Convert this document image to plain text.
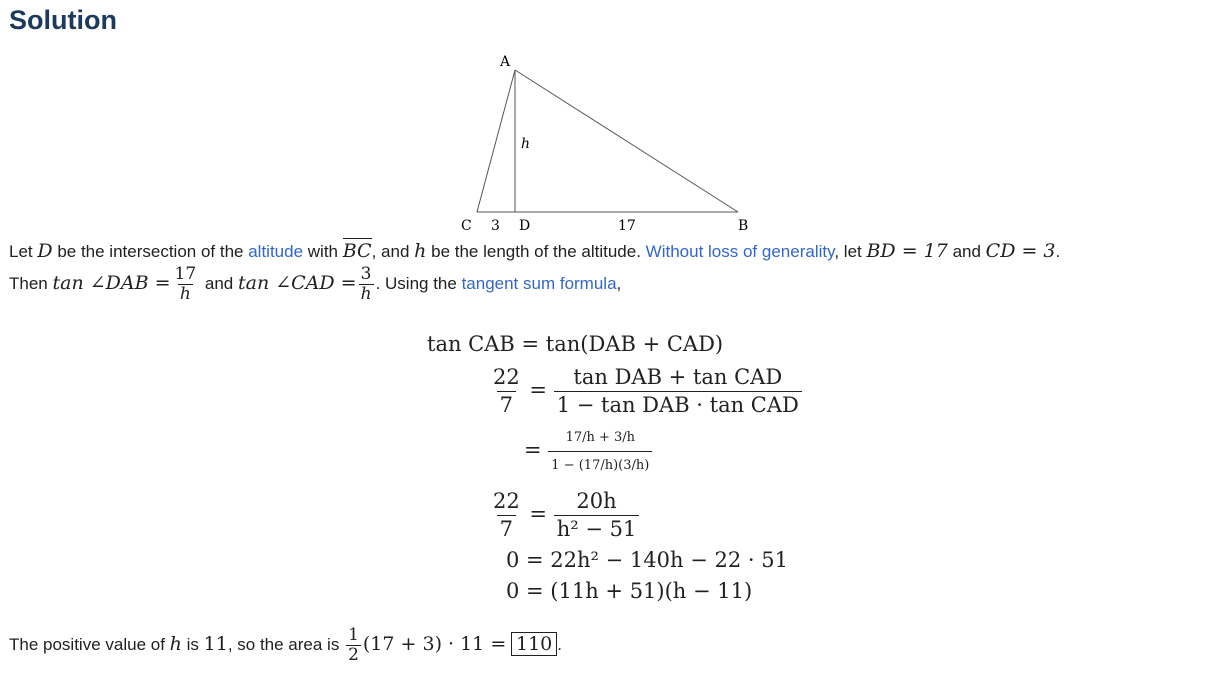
Solution
A
C	D	B
h
3	17
Let D be the intersection of the altitude with BC, and h be the length of the altitude. Without loss of generality, let BD = 17 and CD = 3.
Then tan ∠DAB = $\frac{17}{h}$ and tan ∠CAD = $\frac{3}{h}$ . Using the tangent sum formula,
tan CAB = tan(DAB + CAD)
$\frac{22}{7}$ =
tan DAB + tan CAD
1 − tan DAB · tan CAD
= $\frac{17/h + 3/h}{1 - (17/h)(3/h)}$
$\frac{22}{7} = \frac{20h}{\text{h² − 51}}$
0 = 22h² − 140h − 22 · 51
0 = (11h + 51)(h − 11)
The positive value of h is 11, so the area is $\frac{1}{2} (17 + 3) \cdot 11 = 110$ .
